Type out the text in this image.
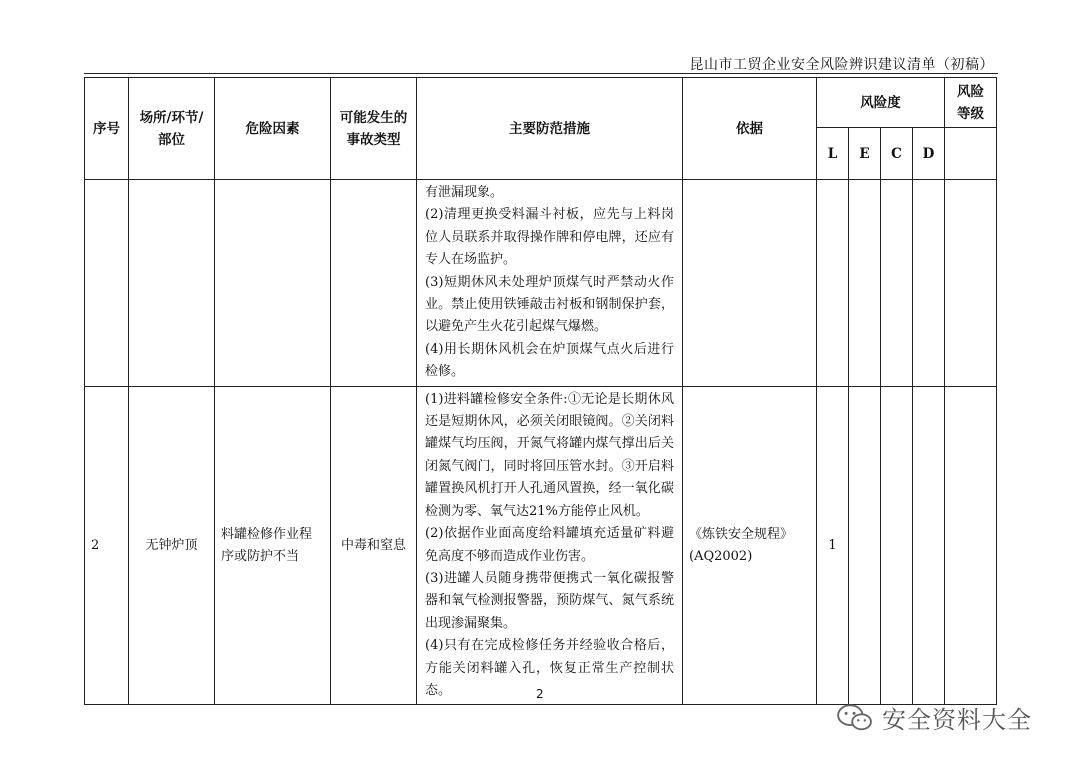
昆山市工贸企业安全风险辨识建议清单（初稿）
序号	场所/环节/部位	危险因素	可能发生的事故类型	主要防范措施	依据	风险度				风险等级
						L	E	C	D	

				有泄漏现象。
(2)清理更换受料漏斗衬板，应先与上料岗位人员联系并取得操作牌和停电牌，还应有专人在场监护。
(3)短期休风未处理炉顶煤气时严禁动火作业。禁止使用铁锤敲击衬板和钢制保护套，以避免产生火花引起煤气爆燃。
(4)用长期休风机会在炉顶煤气点火后进行检修。						

2	无钟炉顶	料罐检修作业程序或防护不当	中毒和窒息	(1)进料罐检修安全条件:①无论是长期休风还是短期休风，必须关闭眼镜阀。②关闭料罐煤气均压阀，开氮气将罐内煤气撑出后关闭氮气阀门，同时将回压管水封。③开启料罐置换风机打开人孔通风置换，经一氧化碳检测为零、氧气达21%方能停止风机。
(2)依据作业面高度给料罐填充适量矿料避免高度不够而造成作业伤害。
(3)进罐人员随身携带便携式一氧化碳报警器和氧气检测报警器，预防煤气、氮气系统出现渗漏聚集。
(4)只有在完成检修任务并经验收合格后，方能关闭料罐入孔，恢复正常生产控制状态。	《炼铁安全规程》(AQ2002)	1				
2
安全资料大全
